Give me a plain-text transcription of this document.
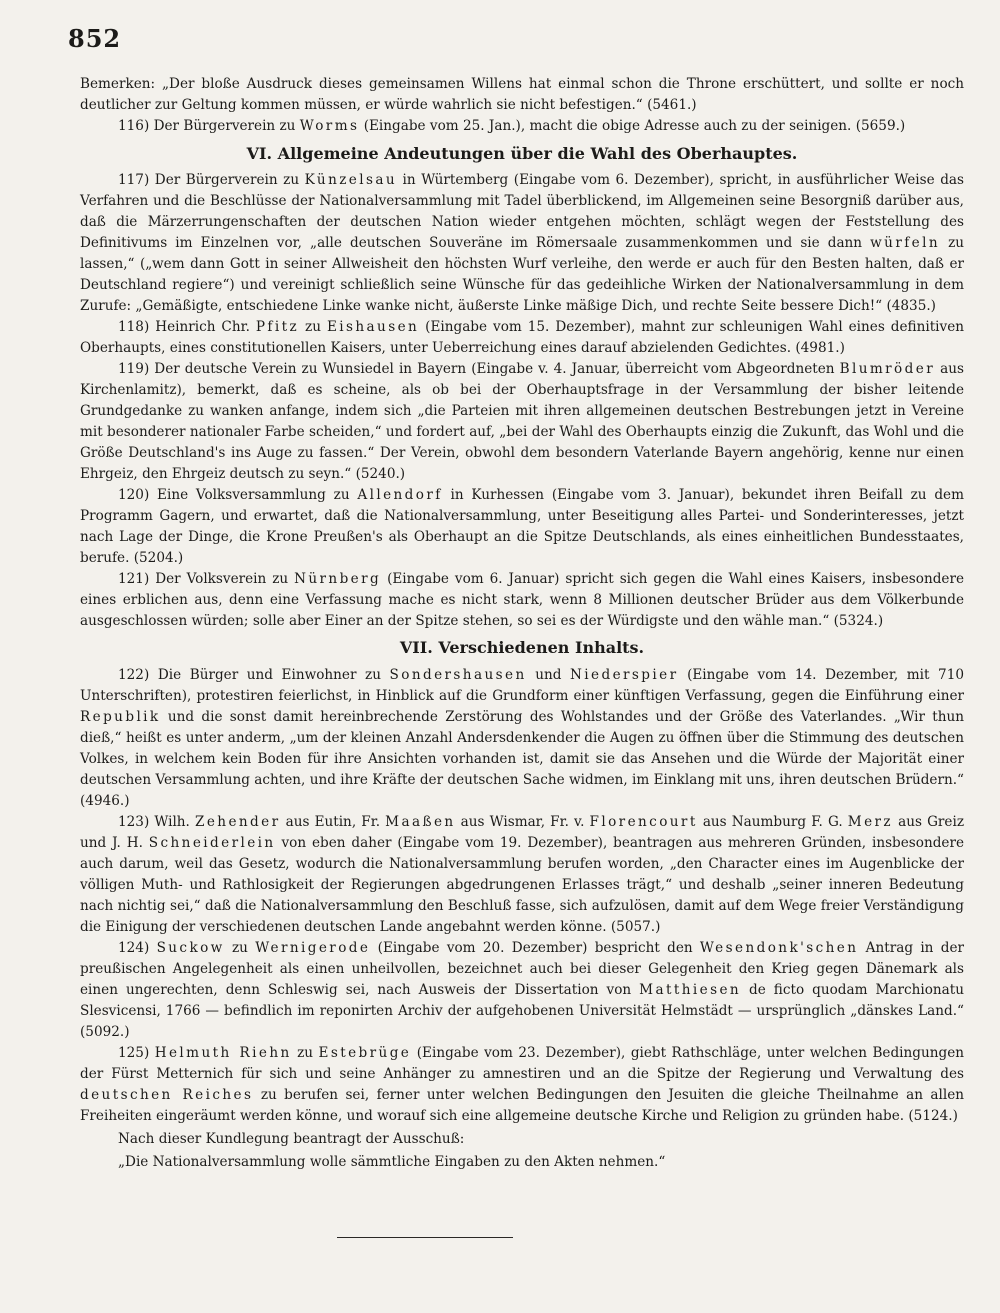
852

Bemerken: „Der bloße Ausdruck dieses gemeinsamen Willens hat einmal schon die Throne erschüttert, und sollte er noch deutlicher zur Geltung kommen müssen, er würde wahrlich sie nicht befestigen.“ (5461.)

116) Der Bürgerverein zu Worms (Eingabe vom 25. Jan.), macht die obige Adresse auch zu der seinigen. (5659.)

VI. Allgemeine Andeutungen über die Wahl des Oberhauptes.

117) Der Bürgerverein zu Künzelsau in Würtemberg (Eingabe vom 6. Dezember), spricht, in ausführlicher Weise das Verfahren und die Beschlüsse der Nationalversammlung mit Tadel überblickend, im Allgemeinen seine Besorgniß darüber aus, daß die Märzerrungenschaften der deutschen Nation wieder entgehen möchten, schlägt wegen der Feststellung des Definitivums im Einzelnen vor, „alle deutschen Souveräne im Römersaale zusammenkommen und sie dann würfeln zu lassen,“ („wem dann Gott in seiner Allweisheit den höchsten Wurf verleihe, den werde er auch für den Besten halten, daß er Deutschland regiere“) und vereinigt schließlich seine Wünsche für das gedeihliche Wirken der Nationalversammlung in dem Zurufe: „Gemäßigte, entschiedene Linke wanke nicht, äußerste Linke mäßige Dich, und rechte Seite bessere Dich!“ (4835.)

118) Heinrich Chr. Pfitz zu Eishausen (Eingabe vom 15. Dezember), mahnt zur schleunigen Wahl eines definitiven Oberhaupts, eines constitutionellen Kaisers, unter Ueberreichung eines darauf abzielenden Gedichtes. (4981.)

119) Der deutsche Verein zu Wunsiedel in Bayern (Eingabe v. 4. Januar, überreicht vom Abgeordneten Blumröder aus Kirchenlamitz), bemerkt, daß es scheine, als ob bei der Oberhauptsfrage in der Versammlung der bisher leitende Grundgedanke zu wanken anfange, indem sich „die Parteien mit ihren allgemeinen deutschen Bestrebungen jetzt in Vereine mit besonderer nationaler Farbe scheiden,“ und fordert auf, „bei der Wahl des Oberhaupts einzig die Zukunft, das Wohl und die Größe Deutschland's ins Auge zu fassen.“ Der Verein, obwohl dem besondern Vaterlande Bayern angehörig, kenne nur einen Ehrgeiz, den Ehrgeiz deutsch zu seyn.“ (5240.)

120) Eine Volksversammlung zu Allendorf in Kurhessen (Eingabe vom 3. Januar), bekundet ihren Beifall zu dem Programm Gagern, und erwartet, daß die Nationalversammlung, unter Beseitigung alles Partei- und Sonderinteresses, jetzt nach Lage der Dinge, die Krone Preußen's als Oberhaupt an die Spitze Deutschlands, als eines einheitlichen Bundesstaates, berufe. (5204.)

121) Der Volksverein zu Nürnberg (Eingabe vom 6. Januar) spricht sich gegen die Wahl eines Kaisers, insbesondere eines erblichen aus, denn eine Verfassung mache es nicht stark, wenn 8 Millionen deutscher Brüder aus dem Völkerbunde ausgeschlossen würden; solle aber Einer an der Spitze stehen, so sei es der Würdigste und den wähle man.“ (5324.)

VII. Verschiedenen Inhalts.

122) Die Bürger und Einwohner zu Sondershausen und Niederspier (Eingabe vom 14. Dezember, mit 710 Unterschriften), protestiren feierlichst, in Hinblick auf die Grundform einer künftigen Verfassung, gegen die Einführung einer Republik und die sonst damit hereinbrechende Zerstörung des Wohlstandes und der Größe des Vaterlandes. „Wir thun dieß,“ heißt es unter anderm, „um der kleinen Anzahl Andersdenkender die Augen zu öffnen über die Stimmung des deutschen Volkes, in welchem kein Boden für ihre Ansichten vorhanden ist, damit sie das Ansehen und die Würde der Majorität einer deutschen Versammlung achten, und ihre Kräfte der deutschen Sache widmen, im Einklang mit uns, ihren deutschen Brüdern.“ (4946.)

123) Wilh. Zehender aus Eutin, Fr. Maaßen aus Wismar, Fr. v. Florencourt aus Naumburg F. G. Merz aus Greiz und J. H. Schneiderlein von eben daher (Eingabe vom 19. Dezember), beantragen aus mehreren Gründen, insbesondere auch darum, weil das Gesetz, wodurch die Nationalversammlung berufen worden, „den Character eines im Augenblicke der völligen Muth- und Rathlosigkeit der Regierungen abgedrungenen Erlasses trägt,“ und deshalb „seiner inneren Bedeutung nach nichtig sei,“ daß die Nationalversammlung den Beschluß fasse, sich aufzulösen, damit auf dem Wege freier Verständigung die Einigung der verschiedenen deutschen Lande angebahnt werden könne. (5057.)

124) Suckow zu Wernigerode (Eingabe vom 20. Dezember) bespricht den Wesendonk'schen Antrag in der preußischen Angelegenheit als einen unheilvollen, bezeichnet auch bei dieser Gelegenheit den Krieg gegen Dänemark als einen ungerechten, denn Schleswig sei, nach Ausweis der Dissertation von Matthiesen de ficto quodam Marchionatu Slesvicensi, 1766 — befindlich im reponirten Archiv der aufgehobenen Universität Helmstädt — ursprünglich „dänskes Land.“ (5092.)

125) Helmuth Riehn zu Estebrüge (Eingabe vom 23. Dezember), giebt Rathschläge, unter welchen Bedingungen der Fürst Metternich für sich und seine Anhänger zu amnestiren und an die Spitze der Regierung und Verwaltung des deutschen Reiches zu berufen sei, ferner unter welchen Bedingungen den Jesuiten die gleiche Theilnahme an allen Freiheiten eingeräumt werden könne, und worauf sich eine allgemeine deutsche Kirche und Religion zu gründen habe. (5124.)

Nach dieser Kundlegung beantragt der Ausschuß:

„Die Nationalversammlung wolle sämmtliche Eingaben zu den Akten nehmen.“
